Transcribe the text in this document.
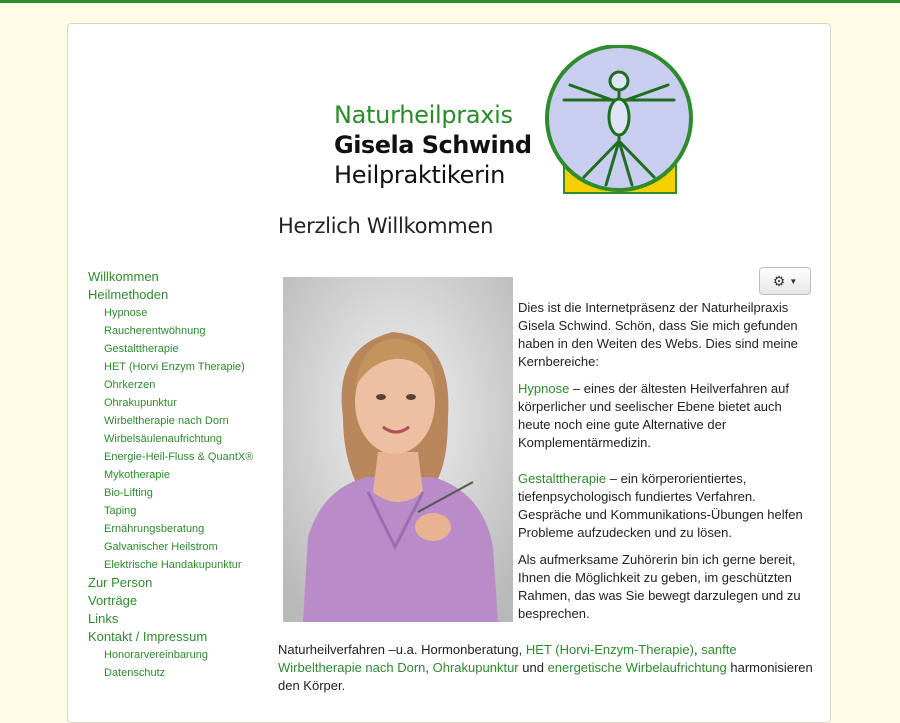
Naturheilpraxis
Gisela Schwind
Heilpraktikerin
Herzlich Willkommen
Willkommen
Heilmethoden
Hypnose
Raucherentwöhnung
Gestalttherapie
HET (Horvi Enzym Therapie)
Ohrkerzen
Ohrakupunktur
Wirbeltherapie nach Dorn
Wirbelsäulenaufrichtung
Energie-Heil-Fluss & QuantX®
Mykotherapie
Bio-Lifting
Taping
Ernährungsberatung
Galvanischer Heilstrom
Elektrische Handakupunktur
Zur Person
Vorträge
Links
Kontakt / Impressum
Honorarvereinbarung
Datenschutz
⚙ ▼

Dies ist die Internetpräsenz der Naturheilpraxis Gisela Schwind. Schön, dass Sie mich gefunden haben in den Weiten des Webs. Dies sind meine Kernbereiche:

Hypnose – eines der ältesten Heilverfahren auf körperlicher und seelischer Ebene bietet auch heute noch eine gute Alternative der Komplementärmedizin.

Gestalttherapie – ein körperorientiertes, tiefenpsychologisch fundiertes Verfahren. Gespräche und Kommunikations-Übungen helfen Probleme aufzudecken und zu lösen.

Als aufmerksame Zuhörerin bin ich gerne bereit, Ihnen die Möglichkeit zu geben, im geschützten Rahmen, das was Sie bewegt darzulegen und zu besprechen.

Naturheilverfahren –u.a. Hormonberatung, HET (Horvi-Enzym-Therapie), sanfte Wirbeltherapie nach Dorn, Ohrakupunktur und energetische Wirbelaufrichtung harmonisieren den Körper.
